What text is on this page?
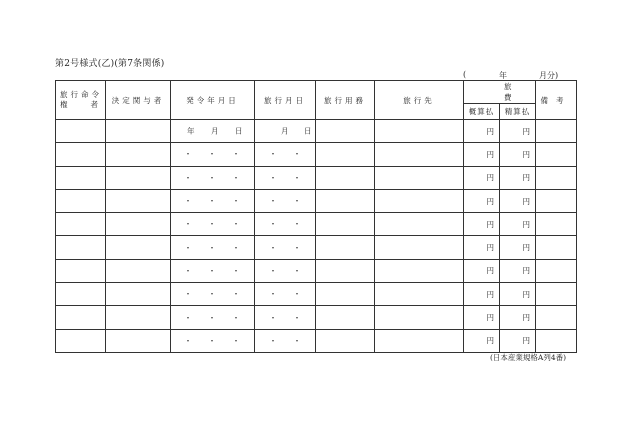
第2号様式(乙)(第7条関係)
(	年	月分)
旅行命令
権者	決定関与者	発令年月日	旅行月日	旅行用務	旅行先	旅費		備考
						概算払	精算払	

		年 月 日	月 日			円	円	

		・ ・ ・	・ ・			円	円	

		・ ・ ・	・ ・			円	円	

		・ ・ ・	・ ・			円	円	

		・ ・ ・	・ ・			円	円	

		・ ・ ・	・ ・			円	円	

		・ ・ ・	・ ・			円	円	

		・ ・ ・	・ ・			円	円	

		・ ・ ・	・ ・			円	円	

		・ ・ ・	・ ・			円	円	
(日本産業規格A列4番)
